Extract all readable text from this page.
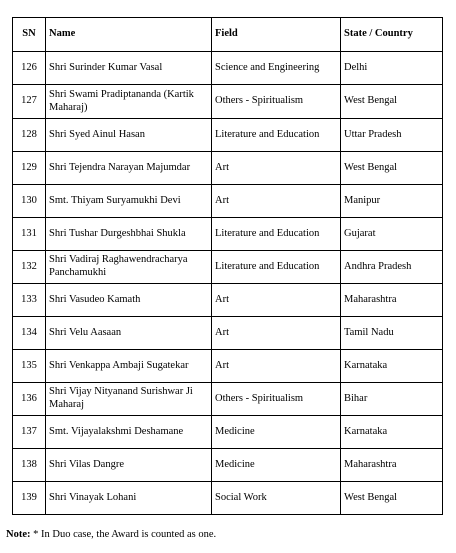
SN	Name	Field	State / Country
126	Shri Surinder Kumar Vasal	Science and Engineering	Delhi
127	Shri Swami Pradiptananda (Kartik Maharaj)	Others - Spiritualism	West Bengal
128	Shri Syed Ainul Hasan	Literature and Education	Uttar Pradesh
129	Shri Tejendra Narayan Majumdar	Art	West Bengal
130	Smt. Thiyam Suryamukhi Devi	Art	Manipur
131	Shri Tushar Durgeshbhai Shukla	Literature and Education	Gujarat
132	Shri Vadiraj Raghawendracharya Panchamukhi	Literature and Education	Andhra Pradesh
133	Shri Vasudeo Kamath	Art	Maharashtra
134	Shri Velu Aasaan	Art	Tamil Nadu
135	Shri Venkappa Ambaji Sugatekar	Art	Karnataka
136	Shri Vijay Nityanand Surishwar Ji Maharaj	Others - Spiritualism	Bihar
137	Smt. Vijayalakshmi Deshamane	Medicine	Karnataka
138	Shri Vilas Dangre	Medicine	Maharashtra
139	Shri Vinayak Lohani	Social Work	West Bengal
Note: * In Duo case, the Award is counted as one.
